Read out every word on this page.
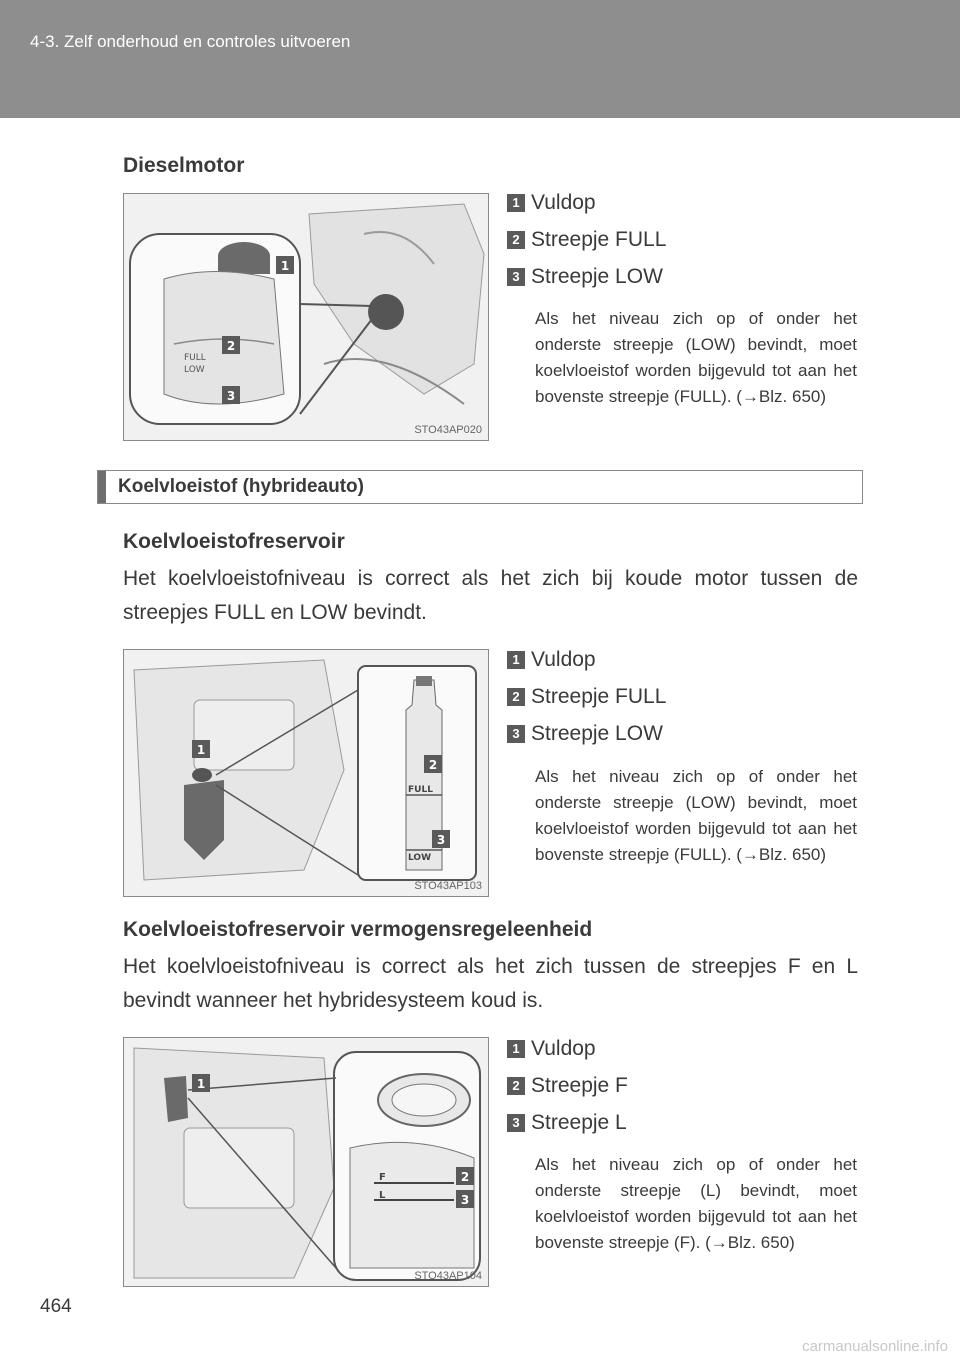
4-3. Zelf onderhoud en controles uitvoeren
Dieselmotor
FULL
LOW
1
2
3
STO43AP020
1 Vuldop
2 Streepje FULL
3 Streepje LOW
Als het niveau zich op of onder het onderste streepje (LOW) bevindt, moet koelvloeistof worden bijgevuld tot aan het bovenste streepje (FULL). (→Blz. 650)
Koelvloeistof (hybrideauto)
Koelvloeistofreservoir
Het koelvloeistofniveau is correct als het zich bij koude motor tussen de streepjes FULL en LOW bevindt.
FULL
LOW
1
2
3
STO43AP103
1 Vuldop
2 Streepje FULL
3 Streepje LOW
Als het niveau zich op of onder het onderste streepje (LOW) bevindt, moet koelvloeistof worden bijgevuld tot aan het bovenste streepje (FULL). (→Blz. 650)
Koelvloeistofreservoir vermogensregeleenheid
Het koelvloeistofniveau is correct als het zich tussen de streepjes F en L bevindt wanneer het hybridesysteem koud is.
F
L
1
2
3
STO43AP104
1 Vuldop
2 Streepje F
3 Streepje L
Als het niveau zich op of onder het onderste streepje (L) bevindt, moet koelvloeistof worden bijgevuld tot aan het bovenste streepje (F). (→Blz. 650)
464
carmanualsonline.info
